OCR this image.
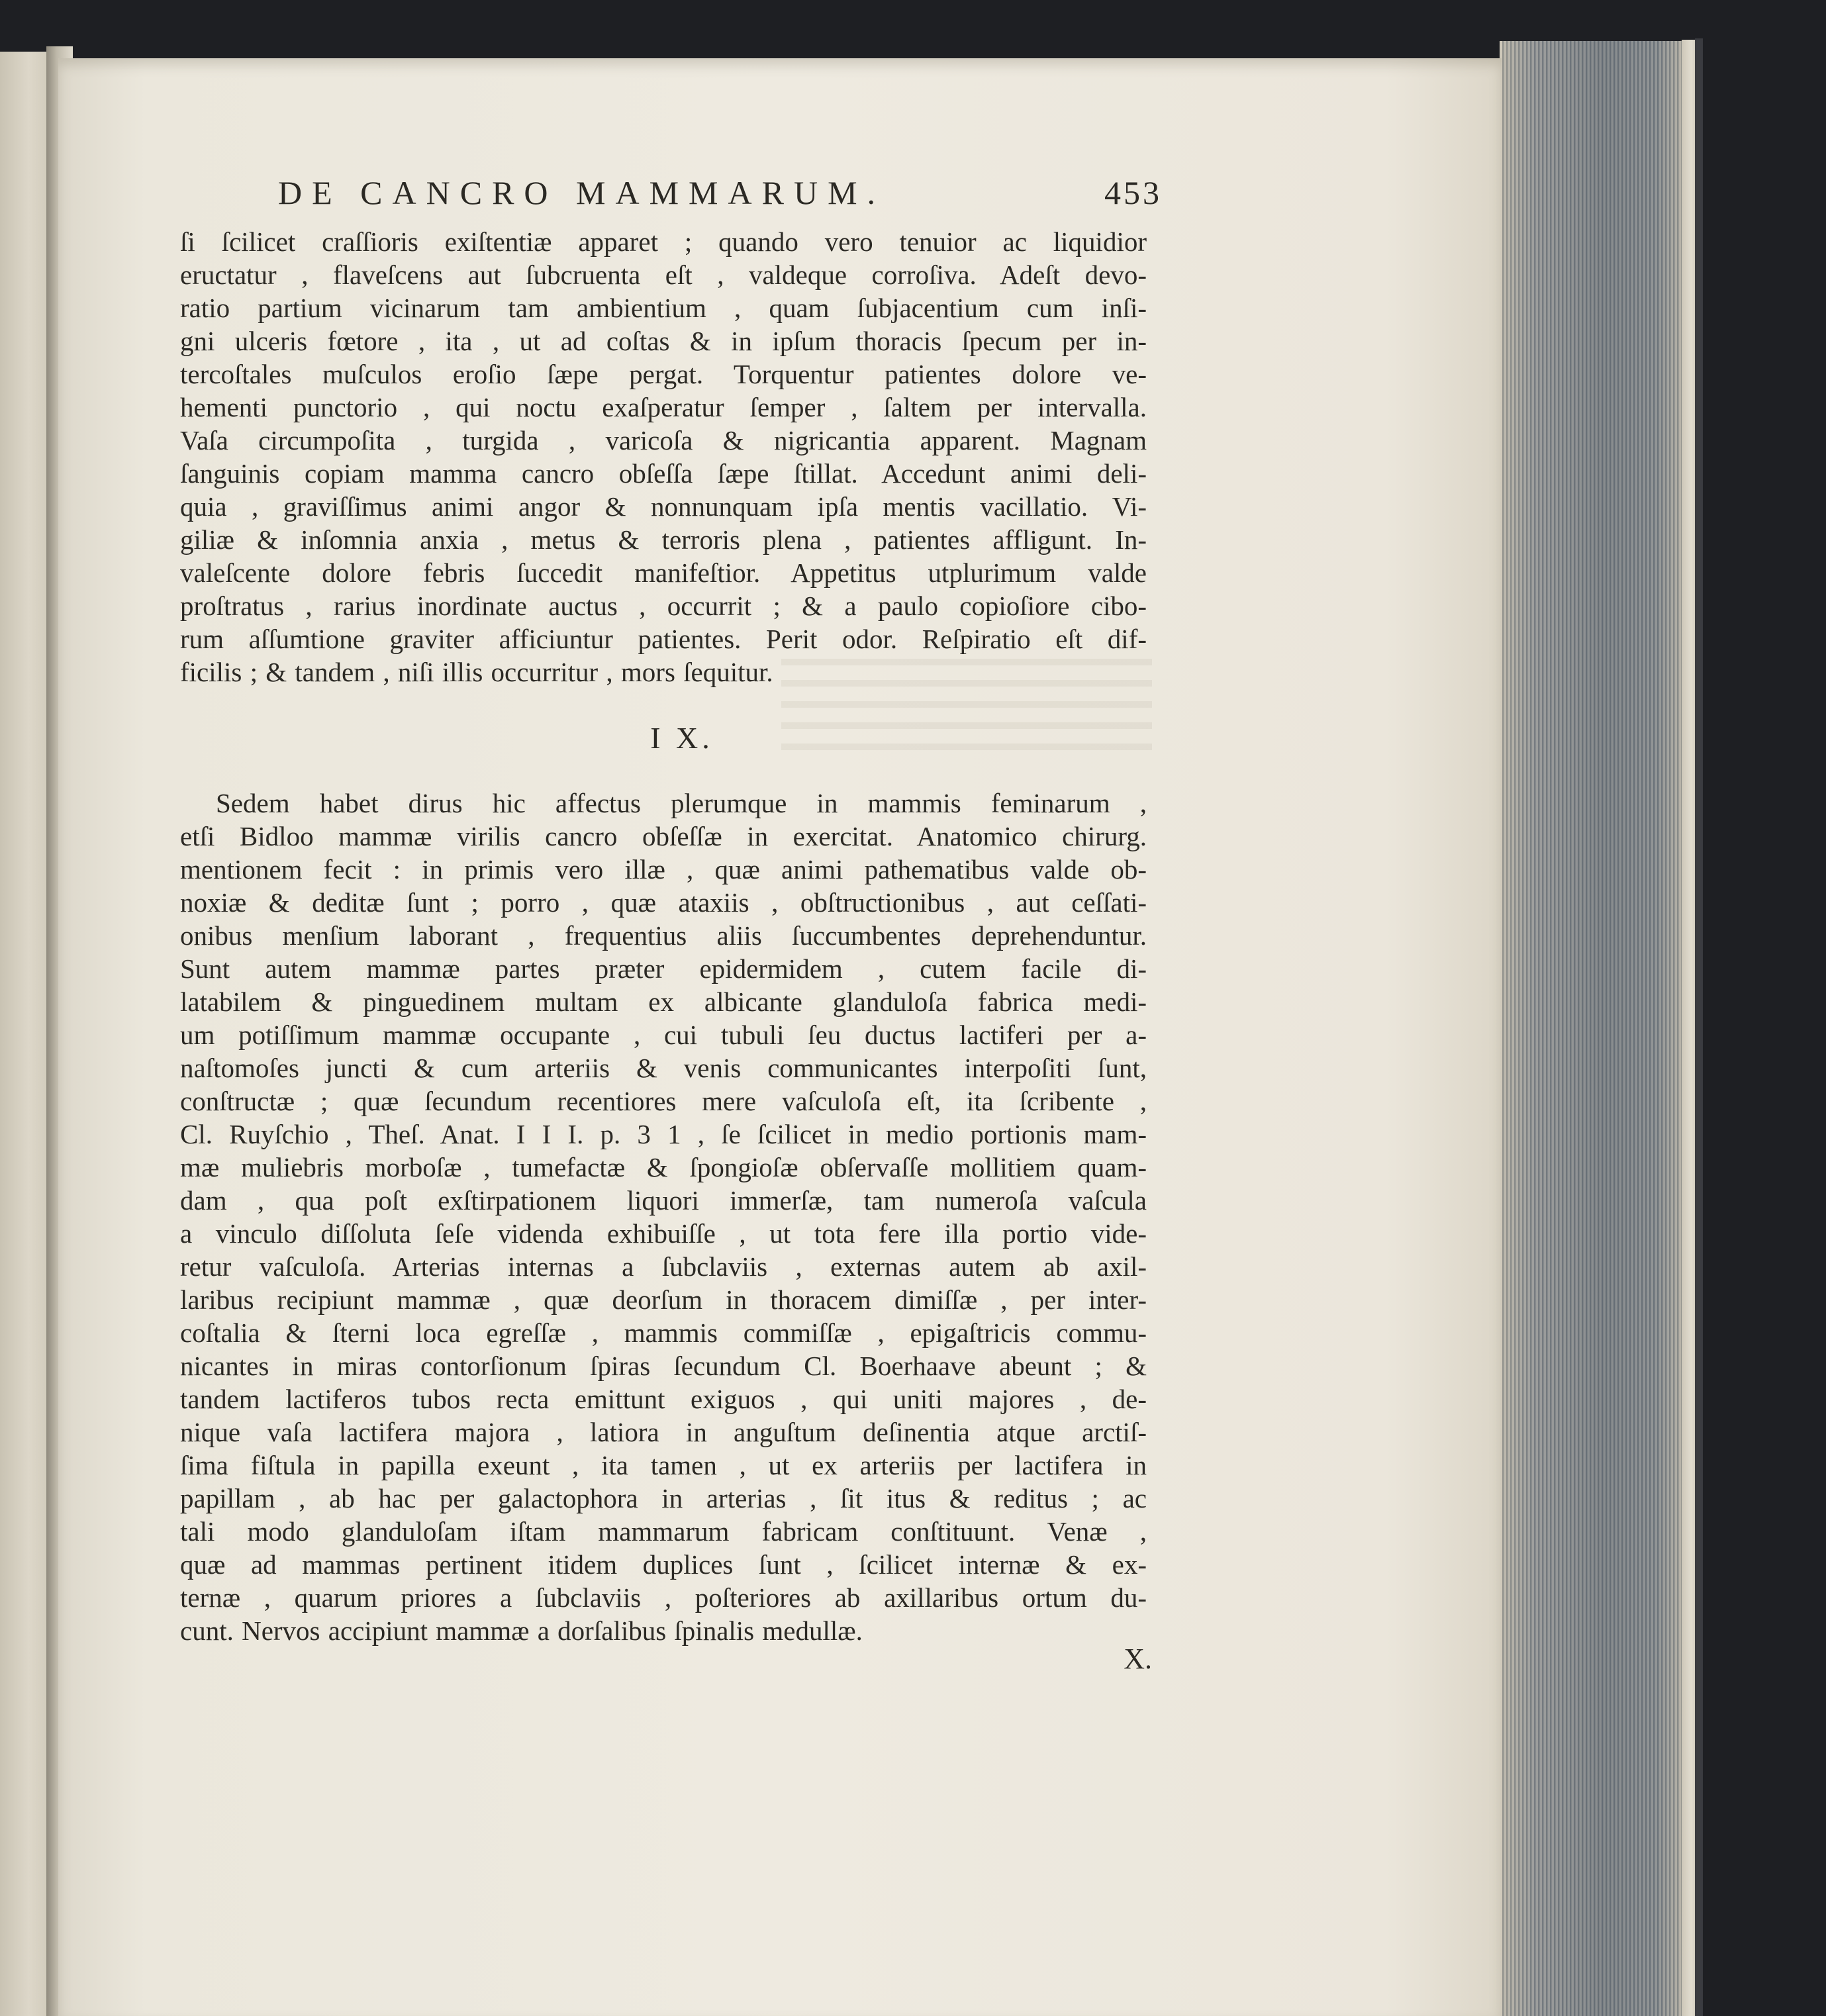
DE CANCRO MAMMARUM.	453
ſi ſcilicet craſſioris exiſtentiæ apparet ; quando vero tenuior ac liquidior
eructatur , flaveſcens aut ſubcruenta eſt , valdeque corroſiva. Adeſt devo-
ratio partium vicinarum tam ambientium , quam ſubjacentium cum inſi-
gni ulceris fœtore , ita , ut ad coſtas & in ipſum thoracis ſpecum per in-
tercoſtales muſculos eroſio ſæpe pergat. Torquentur patientes dolore ve-
hementi punctorio , qui noctu exaſperatur ſemper , ſaltem per intervalla.
Vaſa circumpoſita , turgida , varicoſa & nigricantia apparent. Magnam
ſanguinis copiam mamma cancro obſeſſa ſæpe ſtillat. Accedunt animi deli-
quia , graviſſimus animi angor & nonnunquam ipſa mentis vacillatio. Vi-
giliæ & inſomnia anxia , metus & terroris plena , patientes affligunt. In-
valeſcente dolore febris ſuccedit manifeſtior. Appetitus utplurimum valde
proſtratus , rarius inordinate auctus , occurrit ; & a paulo copioſiore cibo-
rum aſſumtione graviter afficiuntur patientes. Perit odor. Reſpiratio eſt dif-
ficilis ; & tandem , niſi illis occurritur , mors ſequitur.
I X.
Sedem habet dirus hic affectus plerumque in mammis feminarum ,
etſi Bidloo mammæ virilis cancro obſeſſæ in exercitat. Anatomico chirurg.
mentionem fecit : in primis vero illæ , quæ animi pathematibus valde ob-
noxiæ & deditæ ſunt ; porro , quæ ataxiis , obſtructionibus , aut ceſſati-
onibus menſium laborant , frequentius aliis ſuccumbentes deprehenduntur.
Sunt autem mammæ partes præter epidermidem , cutem facile di-
latabilem & pinguedinem multam ex albicante glanduloſa fabrica medi-
um potiſſimum mammæ occupante , cui tubuli ſeu ductus lactiferi per a-
naſtomoſes juncti & cum arteriis & venis communicantes interpoſiti ſunt,
conſtructæ ; quæ ſecundum recentiores mere vaſculoſa eſt, ita ſcribente ,
Cl. Ruyſchio , Theſ. Anat. I I I. p. 3 1 , ſe ſcilicet in medio portionis mam-
mæ muliebris morboſæ , tumefactæ & ſpongioſæ obſervaſſe mollitiem quam-
dam , qua poſt exſtirpationem liquori immerſæ, tam numeroſa vaſcula
a vinculo diſſoluta ſeſe videnda exhibuiſſe , ut tota fere illa portio vide-
retur vaſculoſa. Arterias internas a ſubclaviis , externas autem ab axil-
laribus recipiunt mammæ , quæ deorſum in thoracem dimiſſæ , per inter-
coſtalia & ſterni loca egreſſæ , mammis commiſſæ , epigaſtricis commu-
nicantes in miras contorſionum ſpiras ſecundum Cl. Boerhaave abeunt ; &
tandem lactiferos tubos recta emittunt exiguos , qui uniti majores , de-
nique vaſa lactifera majora , latiora in anguſtum deſinentia atque arctiſ-
ſima fiſtula in papilla exeunt , ita tamen , ut ex arteriis per lactifera in
papillam , ab hac per galactophora in arterias , ſit itus & reditus ; ac
tali modo glanduloſam iſtam mammarum fabricam conſtituunt. Venæ ,
quæ ad mammas pertinent itidem duplices ſunt , ſcilicet internæ & ex-
ternæ , quarum priores a ſubclaviis , poſteriores ab axillaribus ortum du-
cunt. Nervos accipiunt mammæ a dorſalibus ſpinalis medullæ.
X.
